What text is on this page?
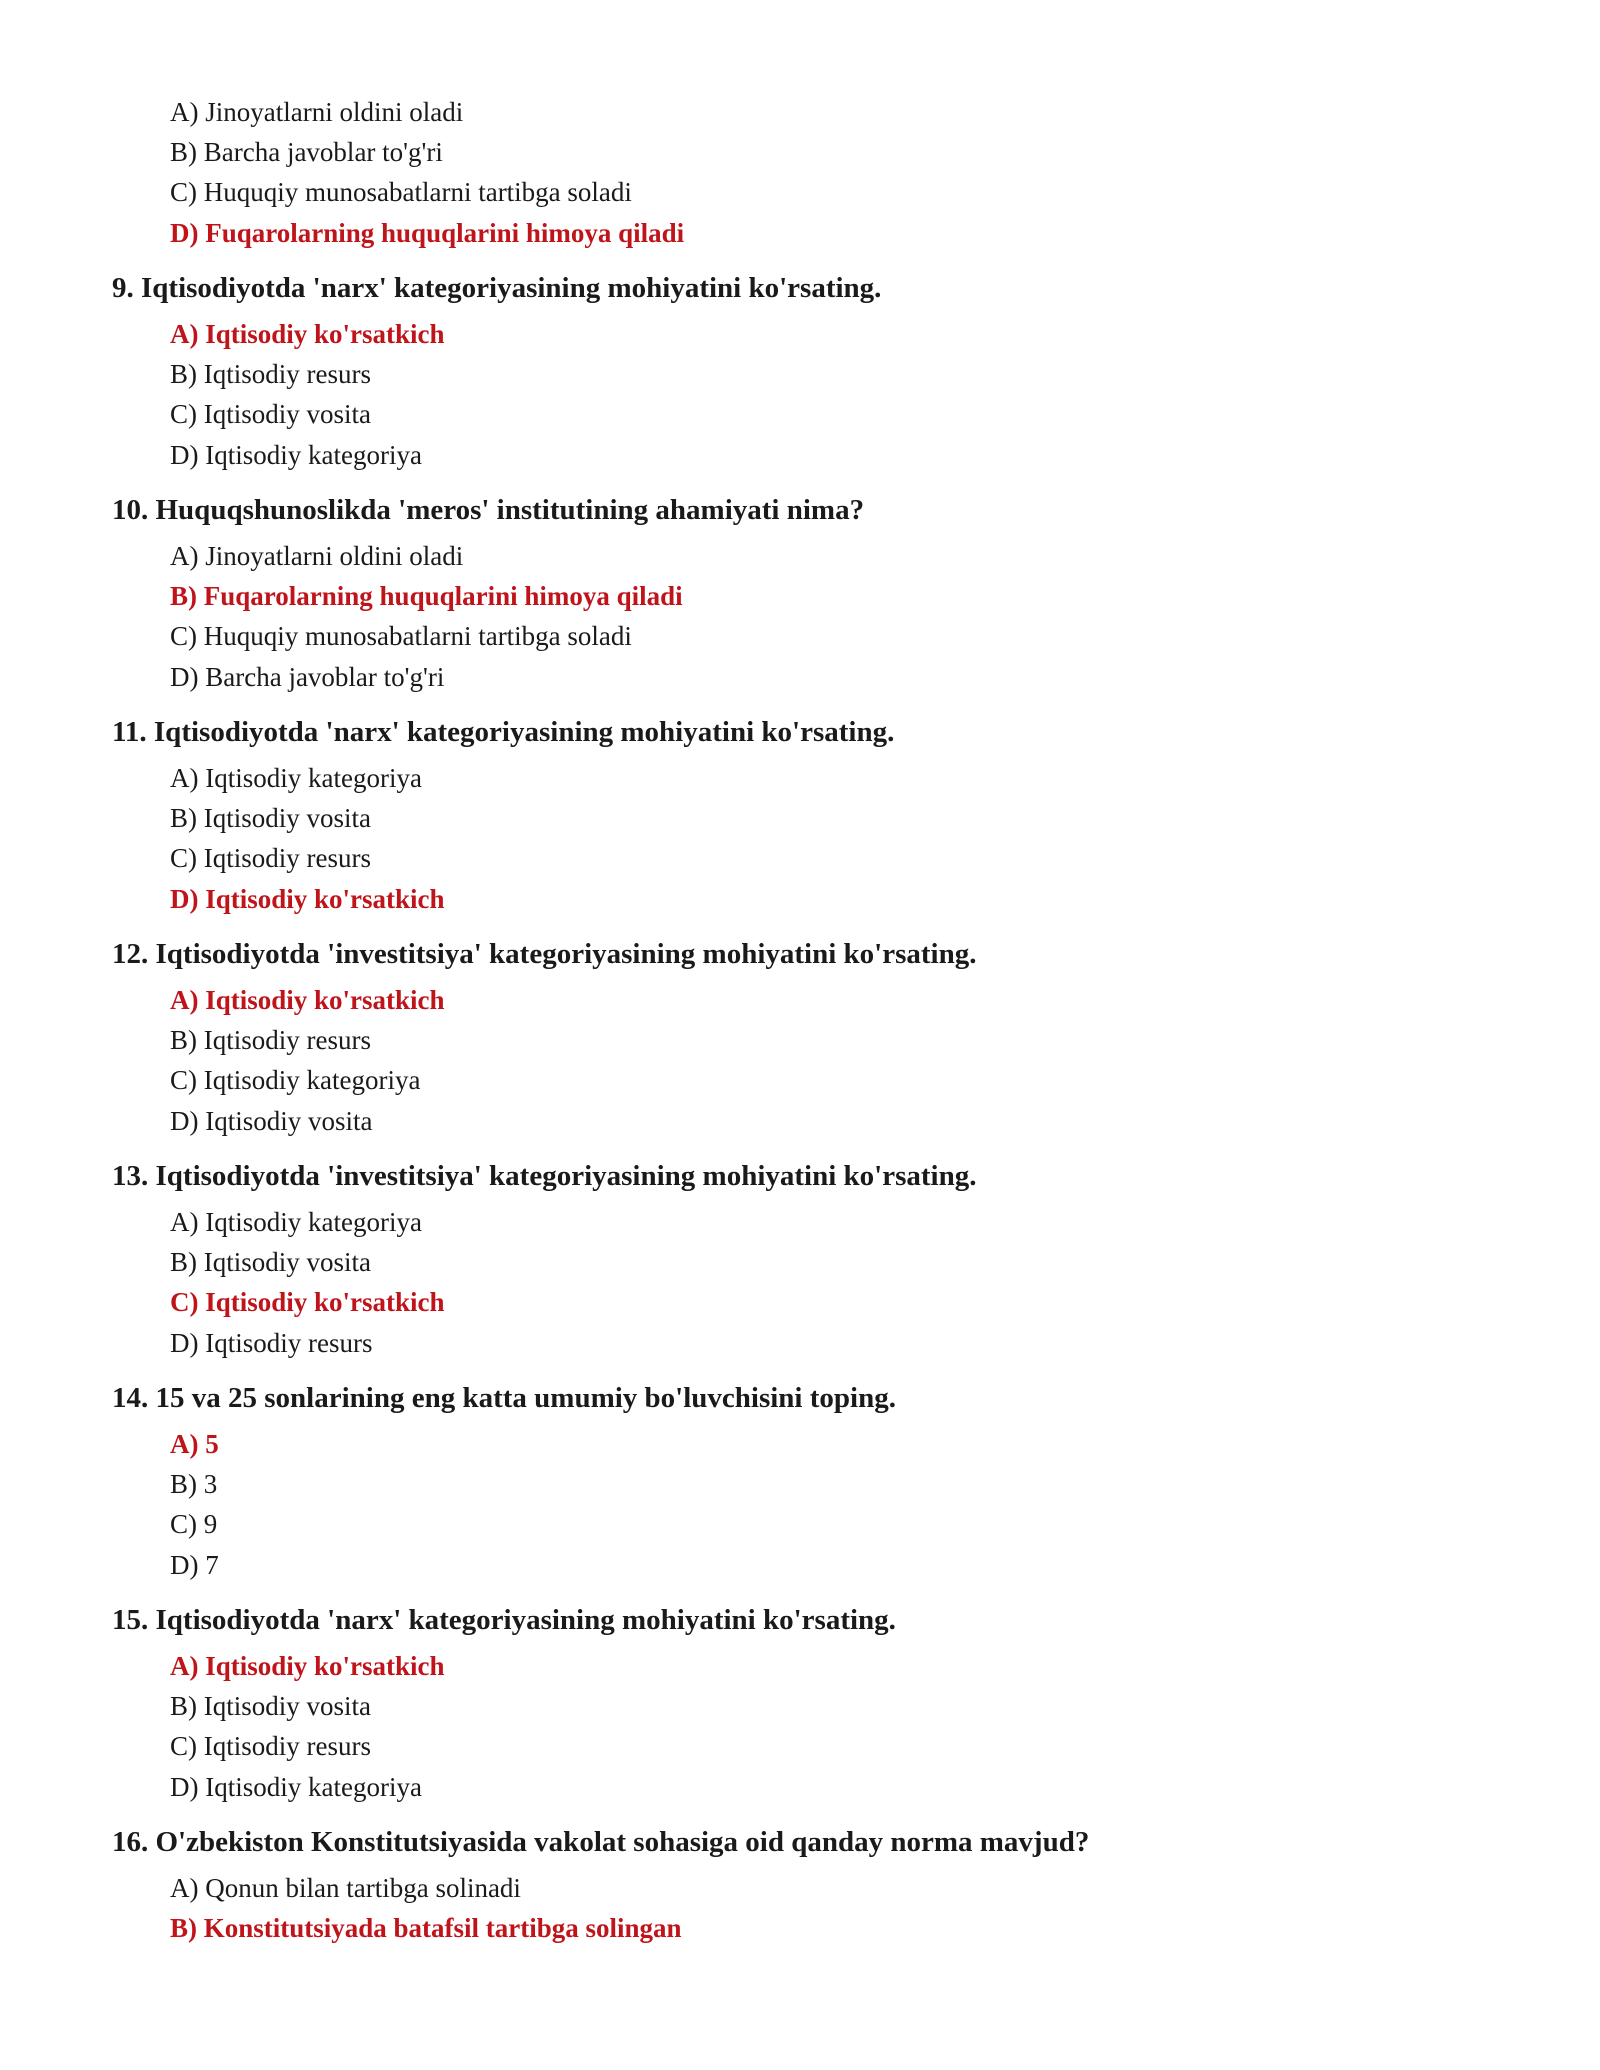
A) Jinoyatlarni oldini oladi
B) Barcha javoblar to'g'ri
C) Huquqiy munosabatlarni tartibga soladi
D) Fuqarolarning huquqlarini himoya qiladi
9. Iqtisodiyotda 'narx' kategoriyasining mohiyatini ko'rsating.
A) Iqtisodiy ko'rsatkich
B) Iqtisodiy resurs
C) Iqtisodiy vosita
D) Iqtisodiy kategoriya
10. Huquqshunoslikda 'meros' institutining ahamiyati nima?
A) Jinoyatlarni oldini oladi
B) Fuqarolarning huquqlarini himoya qiladi
C) Huquqiy munosabatlarni tartibga soladi
D) Barcha javoblar to'g'ri
11. Iqtisodiyotda 'narx' kategoriyasining mohiyatini ko'rsating.
A) Iqtisodiy kategoriya
B) Iqtisodiy vosita
C) Iqtisodiy resurs
D) Iqtisodiy ko'rsatkich
12. Iqtisodiyotda 'investitsiya' kategoriyasining mohiyatini ko'rsating.
A) Iqtisodiy ko'rsatkich
B) Iqtisodiy resurs
C) Iqtisodiy kategoriya
D) Iqtisodiy vosita
13. Iqtisodiyotda 'investitsiya' kategoriyasining mohiyatini ko'rsating.
A) Iqtisodiy kategoriya
B) Iqtisodiy vosita
C) Iqtisodiy ko'rsatkich
D) Iqtisodiy resurs
14. 15 va 25 sonlarining eng katta umumiy bo'luvchisini toping.
A) 5
B) 3
C) 9
D) 7
15. Iqtisodiyotda 'narx' kategoriyasining mohiyatini ko'rsating.
A) Iqtisodiy ko'rsatkich
B) Iqtisodiy vosita
C) Iqtisodiy resurs
D) Iqtisodiy kategoriya
16. O'zbekiston Konstitutsiyasida vakolat sohasiga oid qanday norma mavjud?
A) Qonun bilan tartibga solinadi
B) Konstitutsiyada batafsil tartibga solingan
